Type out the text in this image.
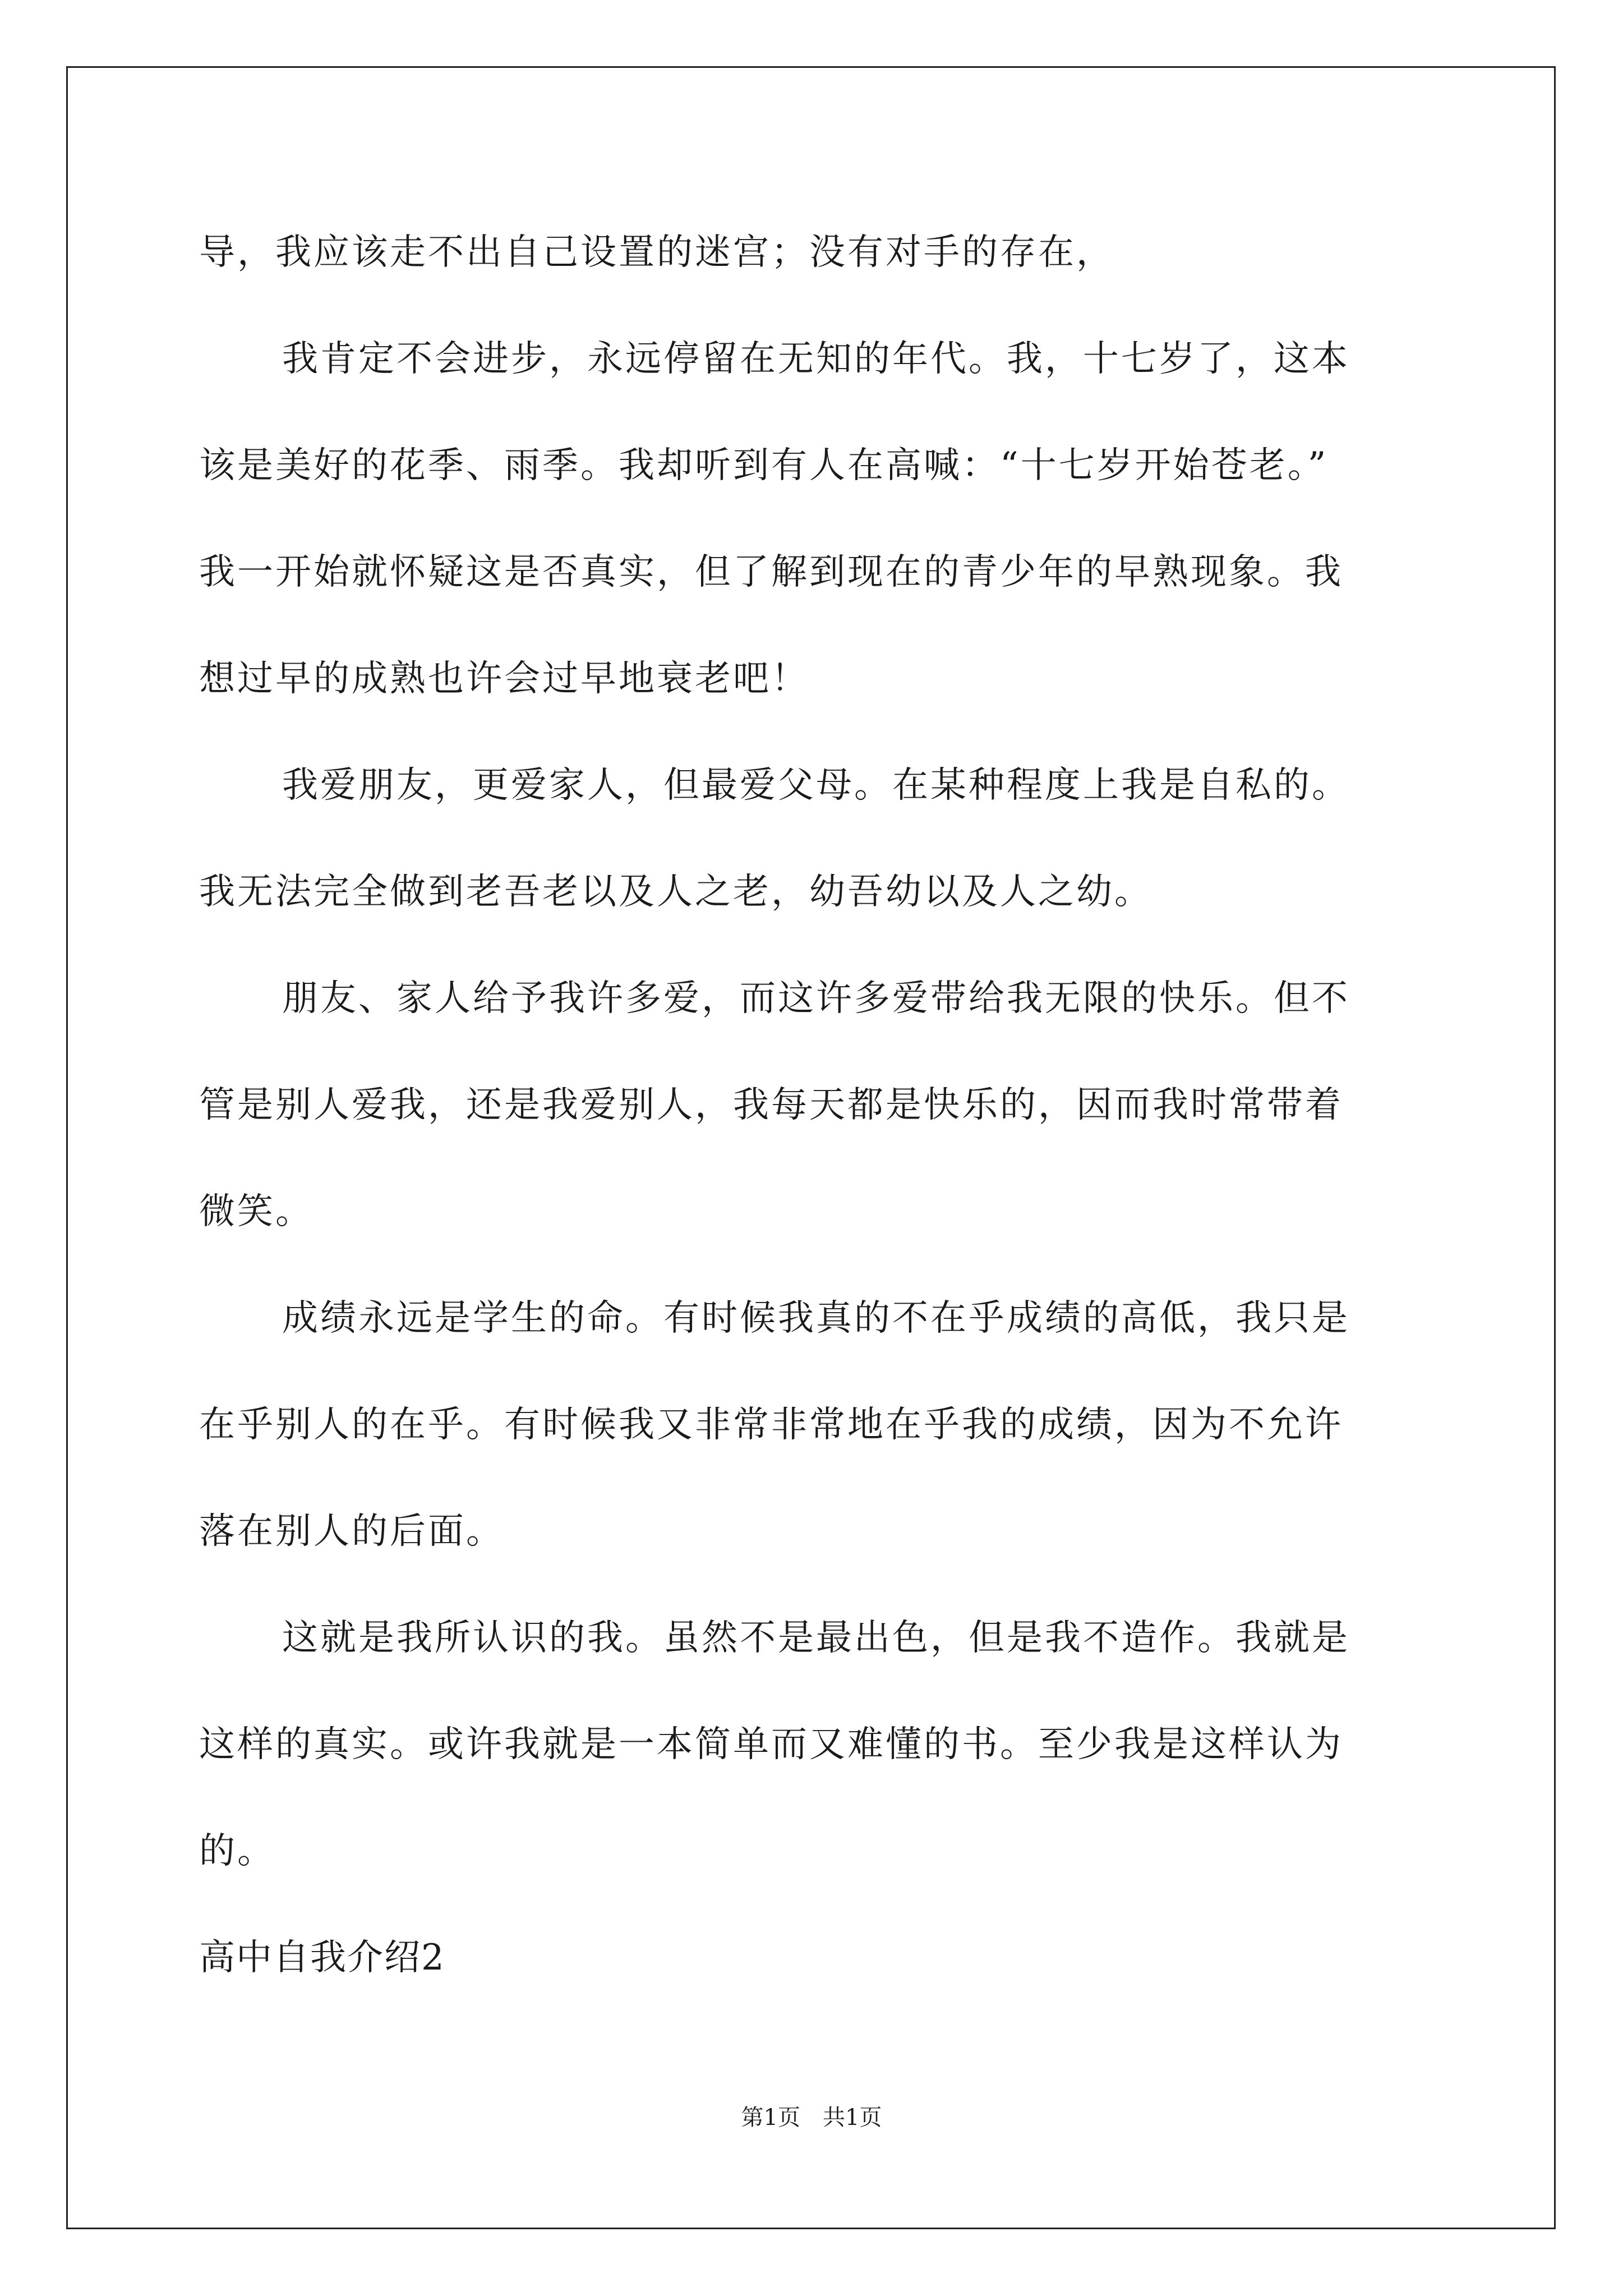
导，我应该走不出自己设置的迷宫；没有对手的存在，
我肯定不会进步，永远停留在无知的年代。我，十七岁了，这本
该是美好的花季、雨季。我却听到有人在高喊：“十七岁开始苍老。”
我一开始就怀疑这是否真实，但了解到现在的青少年的早熟现象。我
想过早的成熟也许会过早地衰老吧！
我爱朋友，更爱家人，但最爱父母。在某种程度上我是自私的。
我无法完全做到老吾老以及人之老，幼吾幼以及人之幼。
朋友、家人给予我许多爱，而这许多爱带给我无限的快乐。但不
管是别人爱我，还是我爱别人，我每天都是快乐的，因而我时常带着
微笑。
成绩永远是学生的命。有时候我真的不在乎成绩的高低，我只是
在乎别人的在乎。有时候我又非常非常地在乎我的成绩，因为不允许
落在别人的后面。
这就是我所认识的我。虽然不是最出色，但是我不造作。我就是
这样的真实。或许我就是一本简单而又难懂的书。至少我是这样认为
的。
高中自我介绍2
第1页 共1页
